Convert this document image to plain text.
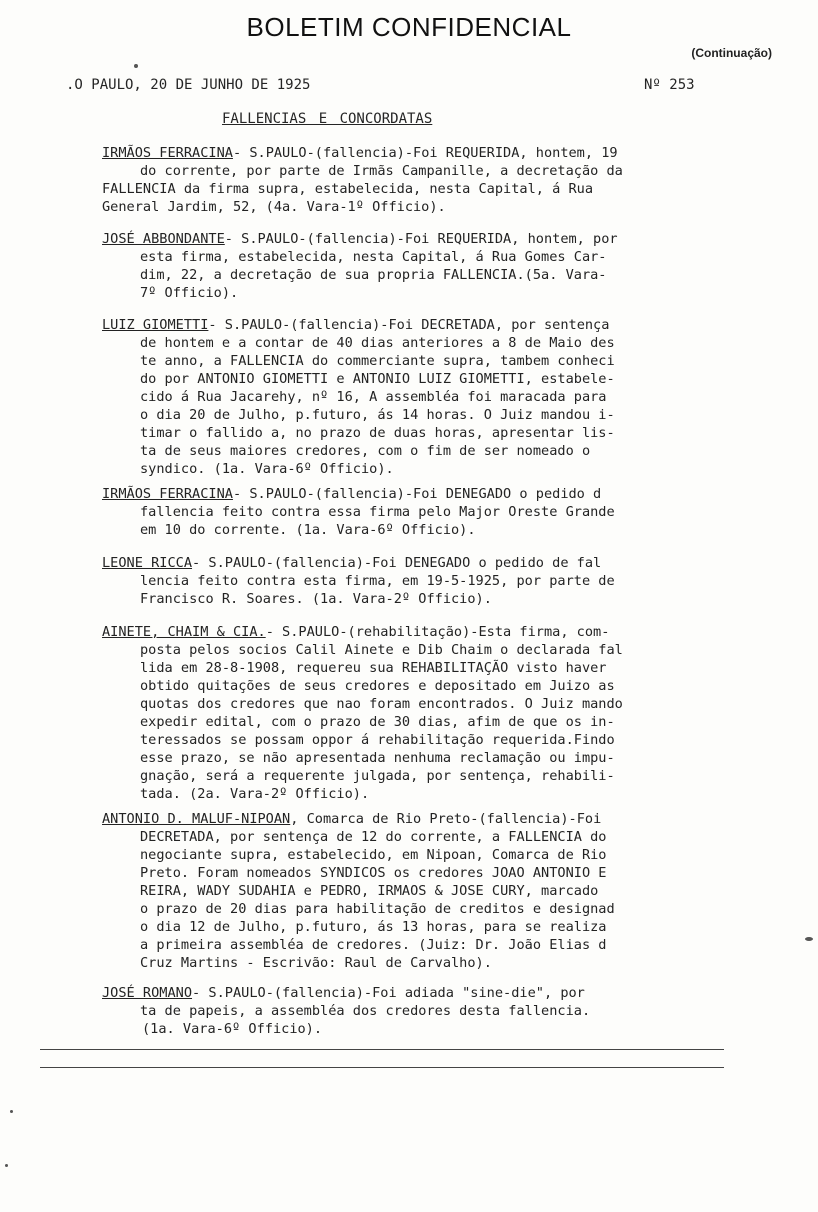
BOLETIM CONFIDENCIAL
(Continuação)
.O PAULO, 20 DE JUNHO DE 1925	Nº 253
FALLENCIAS E CONCORDATAS
IRMÃOS FERRACINA- S.PAULO-(fallencia)-Foi REQUERIDA, hontem, 19
do corrente, por parte de Irmãs Campanille, a decretação da
FALLENCIA da firma supra, estabelecida, nesta Capital, á Rua
General Jardim, 52, (4a. Vara-1º Officio).
JOSÉ ABBONDANTE- S.PAULO-(fallencia)-Foi REQUERIDA, hontem, por
esta firma, estabelecida, nesta Capital, á Rua Gomes Car-
dim, 22, a decretação de sua propria FALLENCIA.(5a. Vara-
7º Officio).
LUIZ GIOMETTI- S.PAULO-(fallencia)-Foi DECRETADA, por sentença
de hontem e a contar de 40 dias anteriores a 8 de Maio des
te anno, a FALLENCIA do commerciante supra, tambem conheci
do por ANTONIO GIOMETTI e ANTONIO LUIZ GIOMETTI, estabele-
cido á Rua Jacarehy, nº 16, A assembléa foi maracada para
o dia 20 de Julho, p.futuro, ás 14 horas. O Juiz mandou i-
timar o fallido a, no prazo de duas horas, apresentar lis-
ta de seus maiores credores, com o fim de ser nomeado o
syndico. (1a. Vara-6º Officio).
IRMÃOS FERRACINA- S.PAULO-(fallencia)-Foi DENEGADO o pedido d
fallencia feito contra essa firma pelo Major Oreste Grande
em 10 do corrente. (1a. Vara-6º Officio).
LEONE RICCA- S.PAULO-(fallencia)-Foi DENEGADO o pedido de fal
lencia feito contra esta firma, em 19-5-1925, por parte de
Francisco R. Soares. (1a. Vara-2º Officio).
AINETE, CHAIM & CIA.- S.PAULO-(rehabilitação)-Esta firma, com-
posta pelos socios Calil Ainete e Dib Chaim o declarada fal
lida em 28-8-1908, requereu sua REHABILITAÇÃO visto haver
obtido quitações de seus credores e depositado em Juizo as
quotas dos credores que nao foram encontrados. O Juiz mando
expedir edital, com o prazo de 30 dias, afim de que os in-
teressados se possam oppor á rehabilitação requerida.Findo
esse prazo, se não apresentada nenhuma reclamação ou impu-
gnação, será a requerente julgada, por sentença, rehabili-
tada. (2a. Vara-2º Officio).
ANTONIO D. MALUF-NIPOAN, Comarca de Rio Preto-(fallencia)-Foi
DECRETADA, por sentença de 12 do corrente, a FALLENCIA do
negociante supra, estabelecido, em Nipoan, Comarca de Rio
Preto. Foram nomeados SYNDICOS os credores JOAO ANTONIO E
REIRA, WADY SUDAHIA e PEDRO, IRMAOS & JOSE CURY, marcado
o prazo de 20 dias para habilitação de creditos e designad
o dia 12 de Julho, p.futuro, ás 13 horas, para se realiza
a primeira assembléa de credores. (Juiz: Dr. João Elias d
Cruz Martins - Escrivão: Raul de Carvalho).
JOSÉ ROMANO- S.PAULO-(fallencia)-Foi adiada "sine-die", por
ta de papeis, a assembléa dos credores desta fallencia.
(1a. Vara-6º Officio).
